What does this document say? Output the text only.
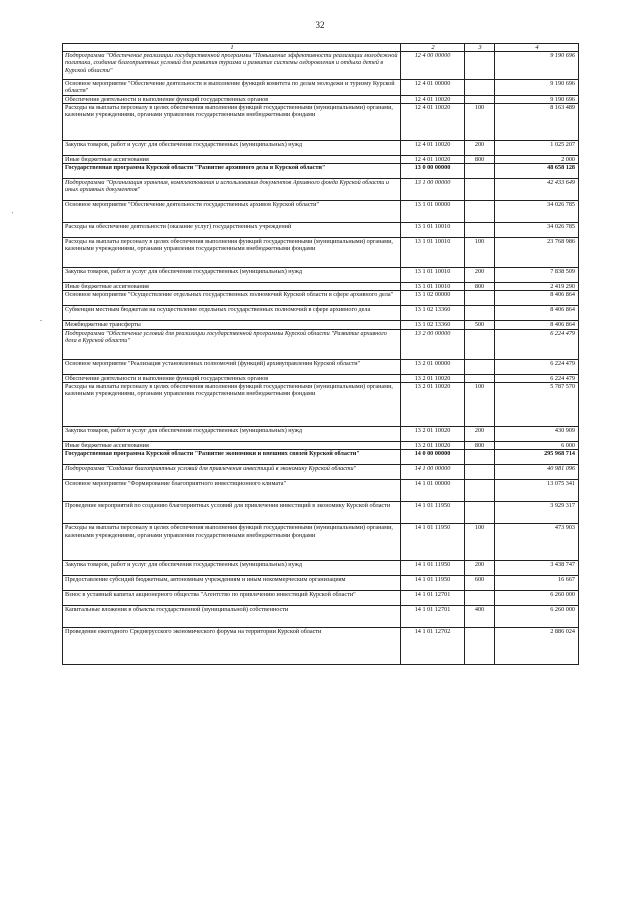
32
'
-
1	2	3	4
Подпрограмма "Обеспечение реализации государственной программы "Повышение эффективности реализации молодежной политики, создание благоприятных условий для развития туризма и развитие системы оздоровления и отдыха детей в Курской области"	12 4 00 00000		9 190 696
Основное мероприятие "Обеспечение деятельности и выполнение функций комитета по делам молодежи и туризму Курской области"	12 4 01 00000		9 190 696
Обеспечение деятельности и выполнение функций государственных органов	12 4 01 10020		9 190 696
Расходы на выплаты персоналу в целях обеспечения выполнения функций государственными (муниципальными) органами, казенными учреждениями, органами управления государственными внебюджетными фондами	12 4 01 10020	100	8 163 489
Закупка товаров, работ и услуг для обеспечения государственных (муниципальных) нужд	12 4 01 10020	200	1 025 207
Иные бюджетные ассигнования	12 4 01 10020	800	2 000
Государственная программа Курской области "Развитие архивного дела в Курской области"	13 0 00 00000		48 658 128
Подпрограмма "Организация хранения, комплектования и использования документов Архивного фонда Курской области и иных архивных документов"	13 1 00 00000		42 433 649
Основное мероприятие "Обеспечение деятельности государственных архивов Курской области"	13 1 01 00000		34 026 785
Расходы на обеспечение деятельности (оказание услуг) государственных учреждений	13 1 01 10010		34 026 785
Расходы на выплаты персоналу в целях обеспечения выполнения функций государственными (муниципальными) органами, казенными учреждениями, органами управления государственными внебюджетными фондами	13 1 01 10010	100	23 768 986
Закупка товаров, работ и услуг для обеспечения государственных (муниципальных) нужд	13 1 01 10010	200	7 838 509
Иные бюджетные ассигнования	13 1 01 10010	800	2 419 290
Основное мероприятие "Осуществление отдельных государственных полномочий Курской области в сфере архивного дела"	13 1 02 00000		8 406 864
Субвенции местным бюджетам на осуществление отдельных государственных полномочий в сфере архивного дела	13 1 02 13360		8 406 864
Межбюджетные трансферты	13 1 02 13360	500	8 406 864
Подпрограмма "Обеспечение условий для реализации государственной программы Курской области "Развитие архивного дела в Курской области"	13 2 00 00000		6 224 479
Основное мероприятие "Реализация установленных полномочий (функций) архивуправления Курской области"	13 2 01 00000		6 224 479
Обеспечение деятельности и выполнение функций государственных органов	13 2 01 10020		6 224 479
Расходы на выплаты персоналу в целях обеспечения выполнения функций государственными (муниципальными) органами, казенными учреждениями, органами управления государственными внебюджетными фондами	13 2 01 10020	100	5 787 570
Закупка товаров, работ и услуг для обеспечения государственных (муниципальных) нужд	13 2 01 10020	200	430 909
Иные бюджетные ассигнования	13 2 01 10020	800	6 000
Государственная программа Курской области "Развитие экономики и внешних связей Курской области"	14 0 00 00000		295 968 714
Подпрограмма "Создание благоприятных условий для привлечения инвестиций в экономику Курской области"	14 1 00 00000		40 981 096
Основное мероприятие "Формирование благоприятного инвестиционного климата"	14 1 01 00000		13 075 341
Проведение мероприятий по созданию благоприятных условий для привлечения инвестиций в экономику Курской области	14 1 01 11950		3 929 317
Расходы на выплаты персоналу в целях обеспечения выполнения функций государственными (муниципальными) органами, казенными учреждениями, органами управления государственными внебюджетными фондами	14 1 01 11950	100	473 903
Закупка товаров, работ и услуг для обеспечения государственных (муниципальных) нужд	14 1 01 11950	200	3 438 747
Предоставление субсидий бюджетным, автономным учреждениям и иным некоммерческим организациям	14 1 01 11950	600	16 667
Взнос в уставный капитал акционерного общества "Агентство по привлечению инвестиций Курской области"	14 1 01 12701		6 260 000
Капитальные вложения в объекты государственной (муниципальной) собственности	14 1 01 12701	400	6 260 000
Проведение ежегодного Среднерусского экономического форума на территории Курской области	14 1 01 12702		2 886 024
